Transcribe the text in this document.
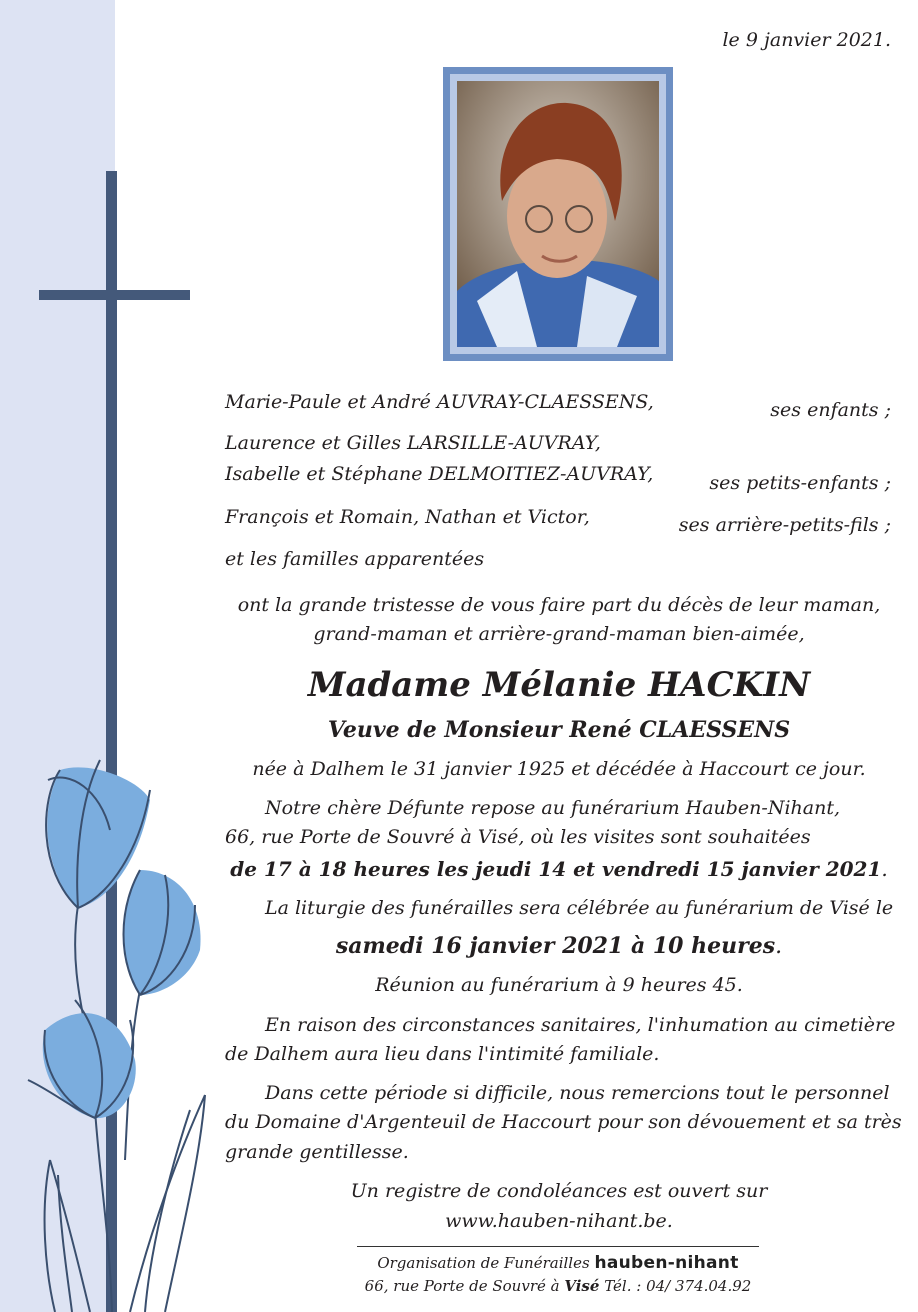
le 9 janvier 2021.
Marie-Paule et André AUVRAY-CLAESSENS,	ses enfants ;
Laurence et Gilles LARSILLE-AUVRAY,
Isabelle et Stéphane DELMOITIEZ-AUVRAY,	ses petits-enfants ;
François et Romain, Nathan et Victor,	ses arrière-petits-fils ;
et les familles apparentées
ont la grande tristesse de vous faire part du décès de leur maman,
grand-maman et arrière-grand-maman bien-aimée,
Madame Mélanie HACKIN
Veuve de Monsieur René CLAESSENS
née à Dalhem le 31 janvier 1925 et décédée à Haccourt ce jour.
Notre chère Défunte repose au funérarium Hauben-Nihant,
66, rue Porte de Souvré à Visé, où les visites sont souhaitées
de 17 à 18 heures les jeudi 14 et vendredi 15 janvier 2021.
La liturgie des funérailles sera célébrée au funérarium de Visé le
samedi 16 janvier 2021 à 10 heures.
Réunion au funérarium à 9 heures 45.
En raison des circonstances sanitaires, l'inhumation au cimetière
de Dalhem aura lieu dans l'intimité familiale.
Dans cette période si difficile, nous remercions tout le personnel
du Domaine d'Argenteuil de Haccourt pour son dévouement et sa très
grande gentillesse.
Un registre de condoléances est ouvert sur
www.hauben-nihant.be.
Organisation de Funérailles hauben-nihant
66, rue Porte de Souvré à Visé Tél. : 04/ 374.04.92
